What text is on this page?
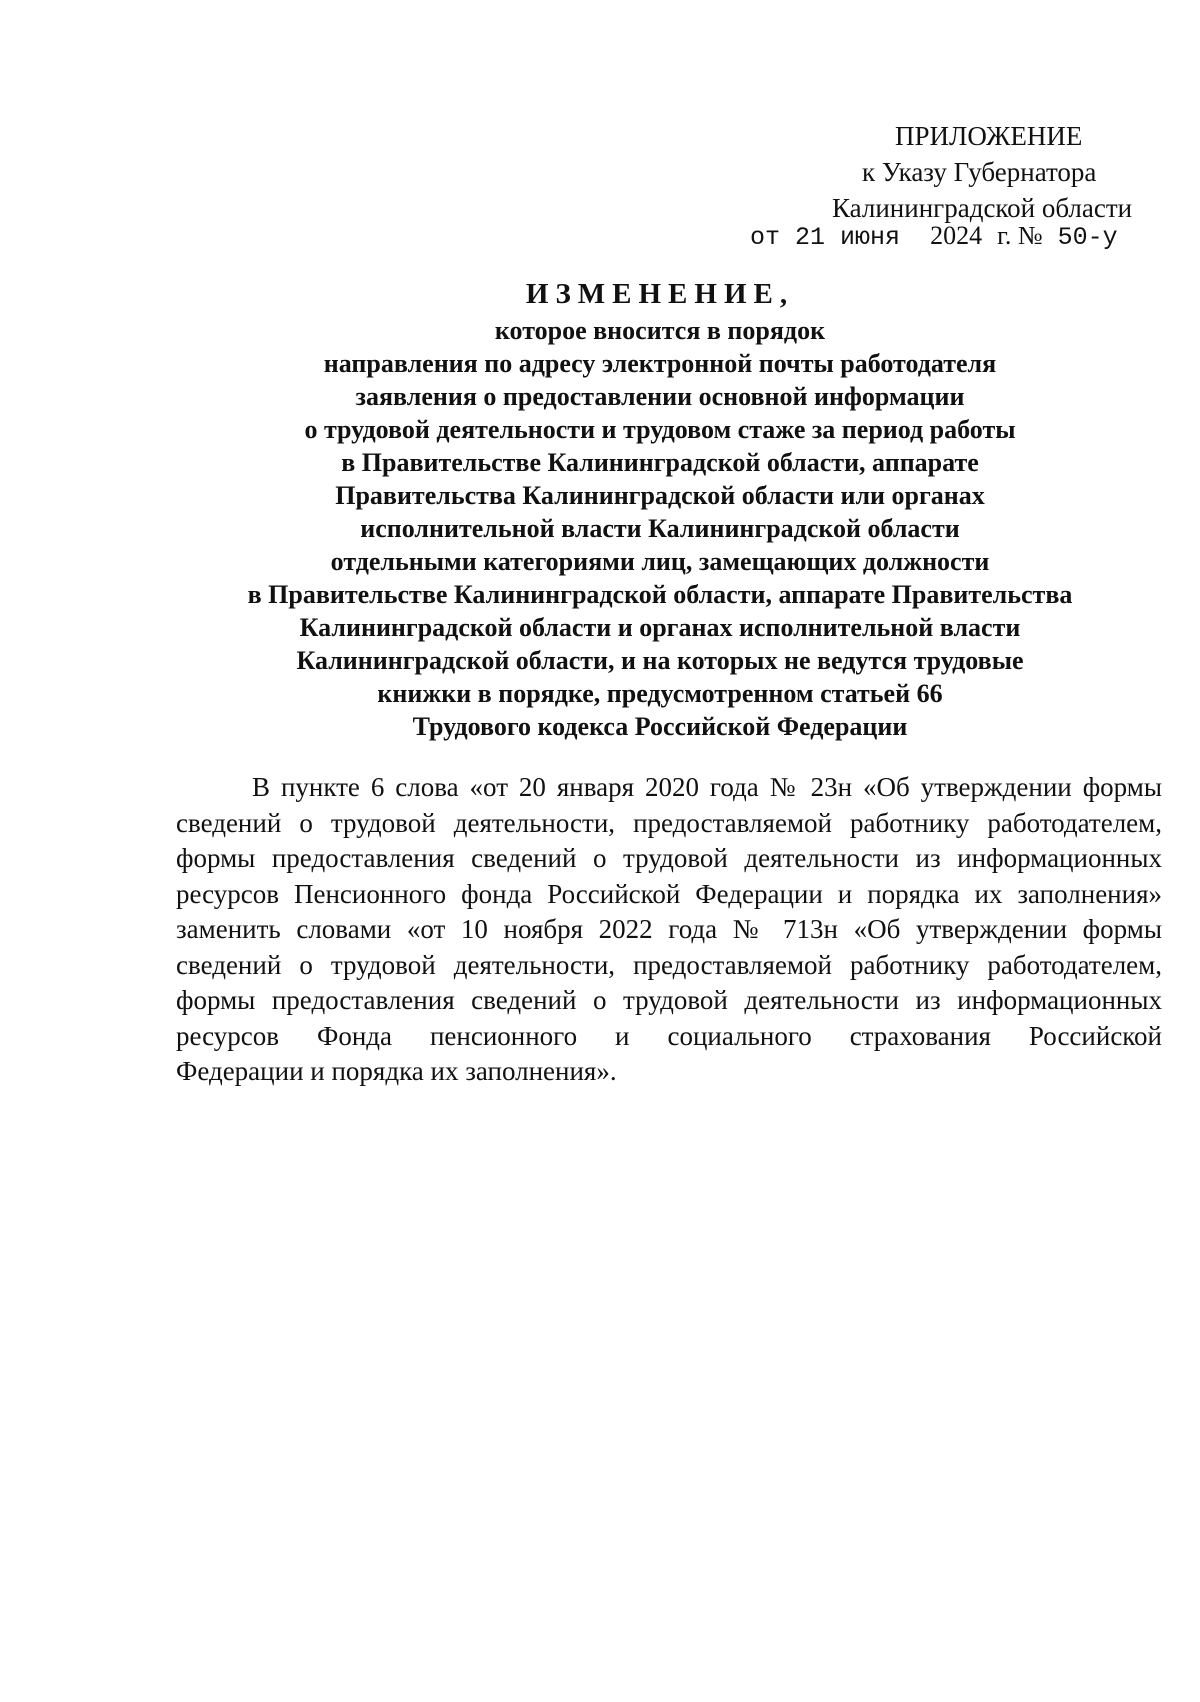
ПРИЛОЖЕНИЕ
к Указу Губернатора
Калининградской области
от 21 июня 2024 г. № 50-у
ИЗМЕНЕНИЕ,
которое вносится в порядок
направления по адресу электронной почты работодателя
заявления о предоставлении основной информации
о трудовой деятельности и трудовом стаже за период работы
в Правительстве Калининградской области, аппарате
Правительства Калининградской области или органах
исполнительной власти Калининградской области
отдельными категориями лиц, замещающих должности
в Правительстве Калининградской области, аппарате Правительства
Калининградской области и органах исполнительной власти
Калининградской области, и на которых не ведутся трудовые
книжки в порядке, предусмотренном статьей 66
Трудового кодекса Российской Федерации
В пункте 6 слова «от 20 января 2020 года № 23н «Об утверждении формы
сведений о трудовой деятельности, предоставляемой работнику работодателем,
формы предоставления сведений о трудовой деятельности из информационных
ресурсов Пенсионного фонда Российской Федерации и порядка их заполнения»
заменить словами «от 10 ноября 2022 года № 713н «Об утверждении формы
сведений о трудовой деятельности, предоставляемой работнику работодателем,
формы предоставления сведений о трудовой деятельности из информационных
ресурсов Фонда пенсионного и социального страхования Российской
Федерации и порядка их заполнения».
